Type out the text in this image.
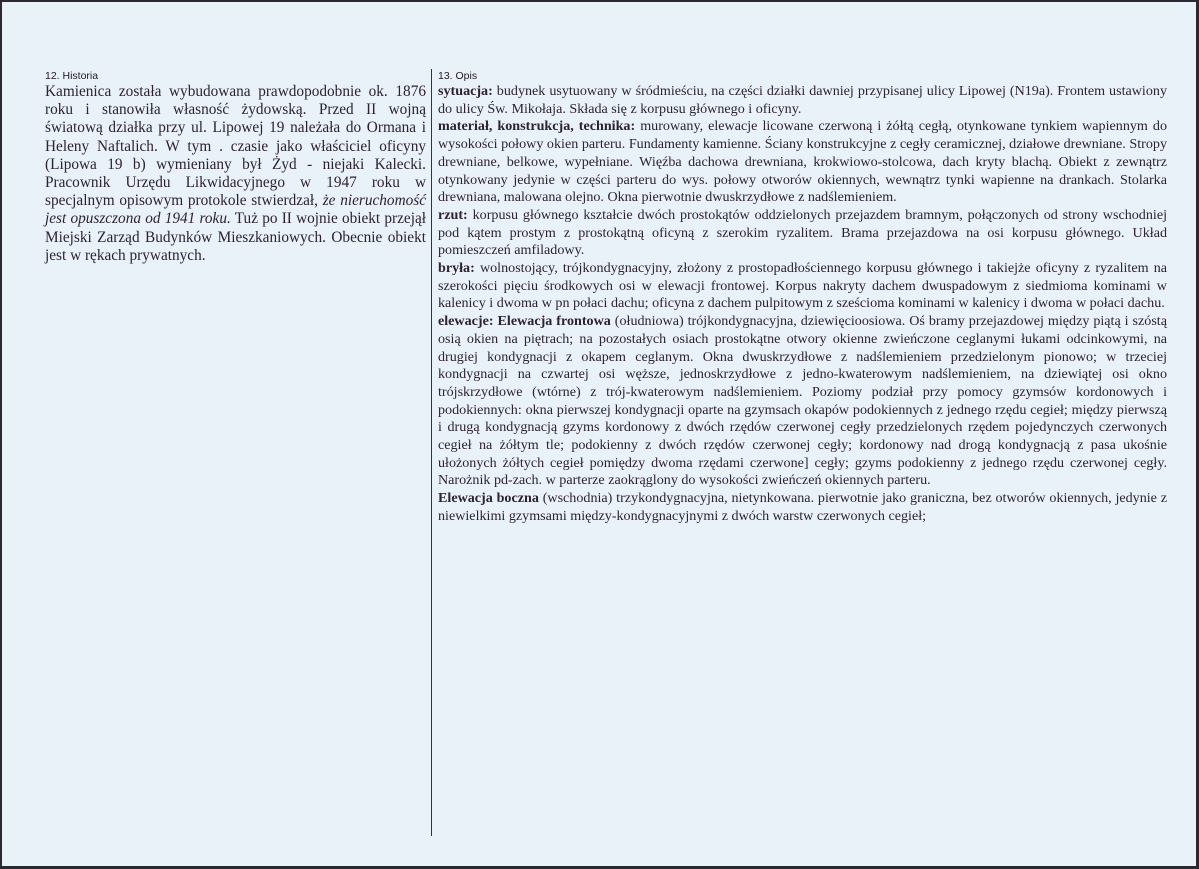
12. Historia

Kamienica została wybudowana prawdopodobnie ok. 1876 roku i stanowiła własność żydowską. Przed II wojną światową działka przy ul. Lipowej 19 należała do Ormana i Heleny Naftalich. W tym . czasie jako właściciel oficyny (Lipowa 19 b) wymieniany był Żyd - niejaki Kalecki. Pracownik Urzędu Likwidacyjnego w 1947 roku w specjalnym opisowym protokole stwierdzał, że nieruchomość jest opuszczona od 1941 roku. Tuż po II wojnie obiekt przejął Miejski Zarząd Budynków Mieszkaniowych. Obecnie obiekt jest w rękach prywatnych.

13. Opis

sytuacja: budynek usytuowany w śródmieściu, na części działki dawniej przypisanej ulicy Lipowej (N19a). Frontem ustawiony do ulicy Św. Mikołaja. Składa się z korpusu głównego i oficyny.

materiał, konstrukcja, technika: murowany, elewacje licowane czerwoną i żółtą cegłą, otynkowane tynkiem wapiennym do wysokości połowy okien parteru. Fundamenty kamienne. Ściany konstrukcyjne z cegły ceramicznej, działowe drewniane. Stropy drewniane, belkowe, wypełniane. Więźba dachowa drewniana, krokwiowo-stolcowa, dach kryty blachą. Obiekt z zewnątrz otynkowany jedynie w części parteru do wys. połowy otworów okiennych, wewnątrz tynki wapienne na drankach. Stolarka drewniana, malowana olejno. Okna pierwotnie dwuskrzydłowe z nadślemieniem.

rzut: korpusu głównego kształcie dwóch prostokątów oddzielonych przejazdem bramnym, połączonych od strony wschodniej pod kątem prostym z prostokątną oficyną z szerokim ryzalitem. Brama przejazdowa na osi korpusu głównego. Układ pomieszczeń amfiladowy.

bryła: wolnostojący, trójkondygnacyjny, złożony z prostopadłościennego korpusu głównego i takiejże oficyny z ryzalitem na szerokości pięciu środkowych osi w elewacji frontowej. Korpus nakryty dachem dwuspadowym z siedmioma kominami w kalenicy i dwoma w pn połaci dachu; oficyna z dachem pulpitowym z sześcioma kominami w kalenicy i dwoma w połaci dachu.

elewacje: Elewacja frontowa (ołudniowa) trójkondygnacyjna, dziewięcioosiowa. Oś bramy przejazdowej między piątą i szóstą osią okien na piętrach; na pozostałych osiach prostokątne otwory okienne zwieńczone ceglanymi łukami odcinkowymi, na drugiej kondygnacji z okapem ceglanym. Okna dwuskrzydłowe z nadślemieniem przedzielonym pionowo; w trzeciej kondygnacji na czwartej osi węższe, jednoskrzydłowe z jedno-kwaterowym nadślemieniem, na dziewiątej osi okno trójskrzydłowe (wtórne) z trój-kwaterowym nadślemieniem. Poziomy podział przy pomocy gzymsów kordonowych i podokiennych: okna pierwszej kondygnacji oparte na gzymsach okapów podokiennych z jednego rzędu cegieł; między pierwszą i drugą kondygnacją gzyms kordonowy z dwóch rzędów czerwonej cegły przedzielonych rzędem pojedynczych czerwonych cegieł na żółtym tle; podokienny z dwóch rzędów czerwonej cegły; kordonowy nad drogą kondygnacją z pasa ukośnie ułożonych żółtych cegieł pomiędzy dwoma rzędami czerwone] cegły; gzyms podokienny z jednego rzędu czerwonej cegły. Narożnik pd-zach. w parterze zaokrąglony do wysokości zwieńczeń okiennych parteru.

Elewacja boczna (wschodnia) trzykondygnacyjna, nietynkowana. pierwotnie jako graniczna, bez otworów okiennych, jedynie z niewielkimi gzymsami między-kondygnacyjnymi z dwóch warstw czerwonych cegieł;
